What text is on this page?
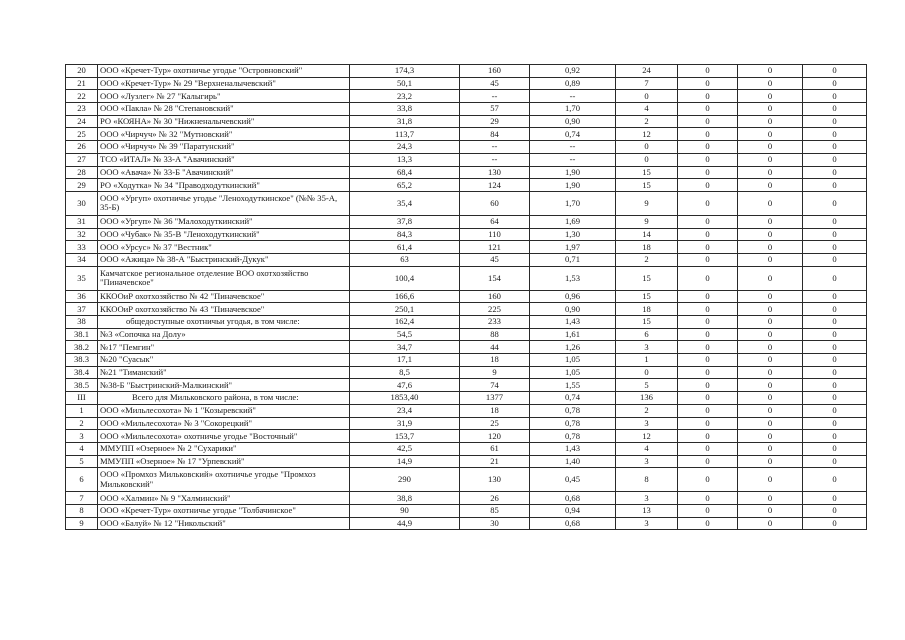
20	ООО «Кречет-Тур» охотничье угодье "Островновский"	174,3	160	0,92	24	0	0	0
21	ООО «Кречет-Тур» № 29 "Верхненалычевский"	50,1	45	0,89	7	0	0	0
22	ООО «Лузлег» № 27 "Калыгирь"	23,2	--	--	0	0	0	0
23	ООО «Пакла» № 28 "Степановский"	33,8	57	1,70	4	0	0	0
24	РО «КОЯНА» № 30 "Нижненалычевский"	31,8	29	0,90	2	0	0	0
25	ООО «Чирчуч» № 32 "Мутновский"	113,7	84	0,74	12	0	0	0
26	ООО «Чирчуч» № 39 "Паратунский"	24,3	--	--	0	0	0	0
27	ТСО «ИТАЛ» № 33-А "Авачинский"	13,3	--	--	0	0	0	0
28	ООО «Авача» № 33-Б "Авачинский"	68,4	130	1,90	15	0	0	0
29	РО «Ходутка» № 34 "Праводходуткинский"	65,2	124	1,90	15	0	0	0
30	ООО «Ургуп» охотничье угодье "Леноходуткинское" (№№ 35-А, 35-Б)	35,4	60	1,70	9	0	0	0
31	ООО «Ургуп» № 36 "Малоходуткинский"	37,8	64	1,69	9	0	0	0
32	ООО «Чубак» № 35-В "Леноходуткинский"	84,3	110	1,30	14	0	0	0
33	ООО «Урсус» № 37 "Вестник"	61,4	121	1,97	18	0	0	0
34	ООО «Ажица» № 38-А "Быстринский-Дукук"	63	45	0,71	2	0	0	0
35	Камчатское региональное отделение ВОО охотхозяйство "Пиначевское"	100,4	154	1,53	15	0	0	0
36	ККООиР охотхозяйство № 42 "Пиначевское"	166,6	160	0,96	15	0	0	0
37	ККООиР охотхозяйство № 43 "Пиначевское"	250,1	225	0,90	18	0	0	0
38	общедоступные охотничьи угодья, в том числе:	162,4	233	1,43	15	0	0	0
38.1	№3 «Сопочка на Долу»	54,5	88	1,61	6	0	0	0
38.2	№17 "Пемгин"	34,7	44	1,26	3	0	0	0
38.3	№20 "Суасык"	17,1	18	1,05	1	0	0	0
38.4	№21 "Тиманский"	8,5	9	1,05	0	0	0	0
38.5	№38-Б "Быстринский-Малкинский"	47,6	74	1,55	5	0	0	0
III	Всего для Мильковского района, в том числе:	1853,40	1377	0,74	136	0	0	0
1	ООО «Мильлесохота» № 1 "Козыревский"	23,4	18	0,78	2	0	0	0
2	ООО «Мильлесохота» № 3 "Сокорецкий"	31,9	25	0,78	3	0	0	0
3	ООО «Мильлесохота» охотничье угодье "Восточный"	153,7	120	0,78	12	0	0	0
4	ММУПП «Озерное» № 2 "Сухарики"	42,5	61	1,43	4	0	0	0
5	ММУПП «Озерное» № 17 "Урпевский"	14,9	21	1,40	3	0	0	0
6	ООО «Промхоз Мильковский» охотничье угодье "Промхоз Мильковский"	290	130	0,45	8	0	0	0
7	ООО «Халмин» № 9 "Халминский"	38,8	26	0,68	3	0	0	0
8	ООО «Кречет-Тур» охотничье угодье "Толбачинское"	90	85	0,94	13	0	0	0
9	ООО «Балуй» № 12 "Никольский"	44,9	30	0,68	3	0	0	0
